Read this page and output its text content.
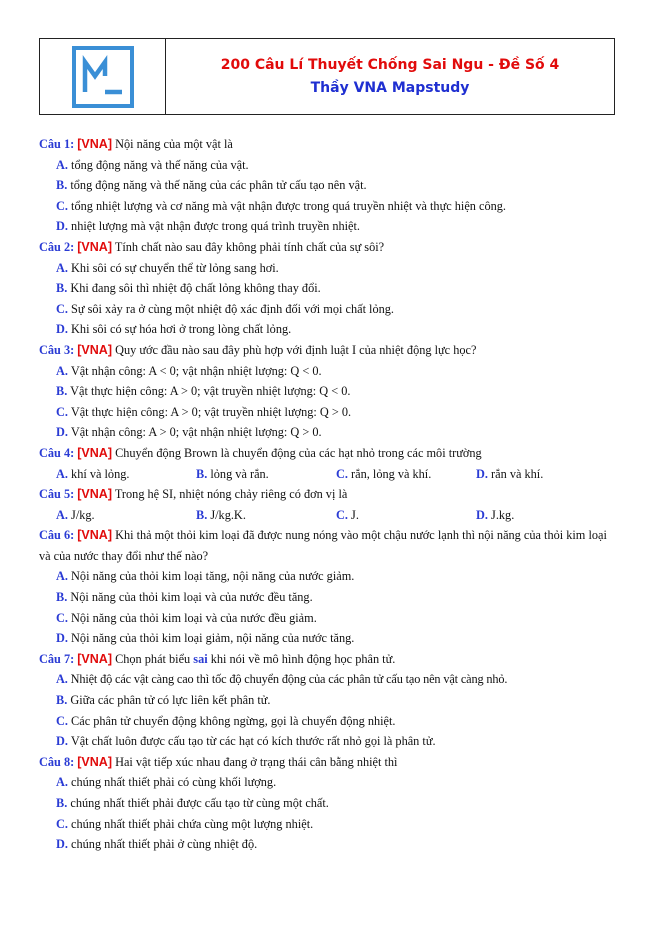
200 Câu Lí Thuyết Chống Sai Ngu - Đề Số 4
Thầy VNA Mapstudy

Câu 1: [VNA] Nội năng của một vật là

A. tổng động năng và thế năng của vật.

B. tổng động năng và thế năng của các phân tử cấu tạo nên vật.

C. tổng nhiệt lượng và cơ năng mà vật nhận được trong quá truyền nhiệt và thực hiện công.

D. nhiệt lượng mà vật nhận được trong quá trình truyền nhiệt.

Câu 2: [VNA] Tính chất nào sau đây không phải tính chất của sự sôi?

A. Khi sôi có sự chuyển thể từ lỏng sang hơi.

B. Khi đang sôi thì nhiệt độ chất lỏng không thay đổi.

C. Sự sôi xảy ra ở cùng một nhiệt độ xác định đối với mọi chất lỏng.

D. Khi sôi có sự hóa hơi ở trong lòng chất lỏng.

Câu 3: [VNA] Quy ước đầu nào sau đây phù hợp với định luật I của nhiệt động lực học?

A. Vật nhận công: A < 0; vật nhận nhiệt lượng: Q < 0.

B. Vật thực hiện công: A > 0; vật truyền nhiệt lượng: Q < 0.

C. Vật thực hiện công: A > 0; vật truyền nhiệt lượng: Q > 0.

D. Vật nhận công: A > 0; vật nhận nhiệt lượng: Q > 0.

Câu 4: [VNA] Chuyển động Brown là chuyển động của các hạt nhỏ trong các môi trường

A. khí và lỏng.	B. lỏng và rắn.	C. rắn, lỏng và khí.	D. rắn và khí.

Câu 5: [VNA] Trong hệ SI, nhiệt nóng chảy riêng có đơn vị là

A. J/kg.	B. J/kg.K.	C. J.	D. J.kg.

Câu 6: [VNA] Khi thả một thỏi kim loại đã được nung nóng vào một chậu nước lạnh thì nội năng của thỏi kim loại và của nước thay đổi như thế nào?

A. Nội năng của thỏi kim loại tăng, nội năng của nước giảm.

B. Nội năng của thỏi kim loại và của nước đều tăng.

C. Nội năng của thỏi kim loại và của nước đều giảm.

D. Nội năng của thỏi kim loại giảm, nội năng của nước tăng.

Câu 7: [VNA] Chọn phát biểu sai khi nói về mô hình động học phân tử.

A. Nhiệt độ các vật càng cao thì tốc độ chuyển động của các phân tử cấu tạo nên vật càng nhỏ.

B. Giữa các phân tử có lực liên kết phân tử.

C. Các phân tử chuyển động không ngừng, gọi là chuyển động nhiệt.

D. Vật chất luôn được cấu tạo từ các hạt có kích thước rất nhỏ gọi là phân tử.

Câu 8: [VNA] Hai vật tiếp xúc nhau đang ở trạng thái cân bằng nhiệt thì

A. chúng nhất thiết phải có cùng khối lượng.

B. chúng nhất thiết phải được cấu tạo từ cùng một chất.

C. chúng nhất thiết phải chứa cùng một lượng nhiệt.

D. chúng nhất thiết phải ở cùng nhiệt độ.
